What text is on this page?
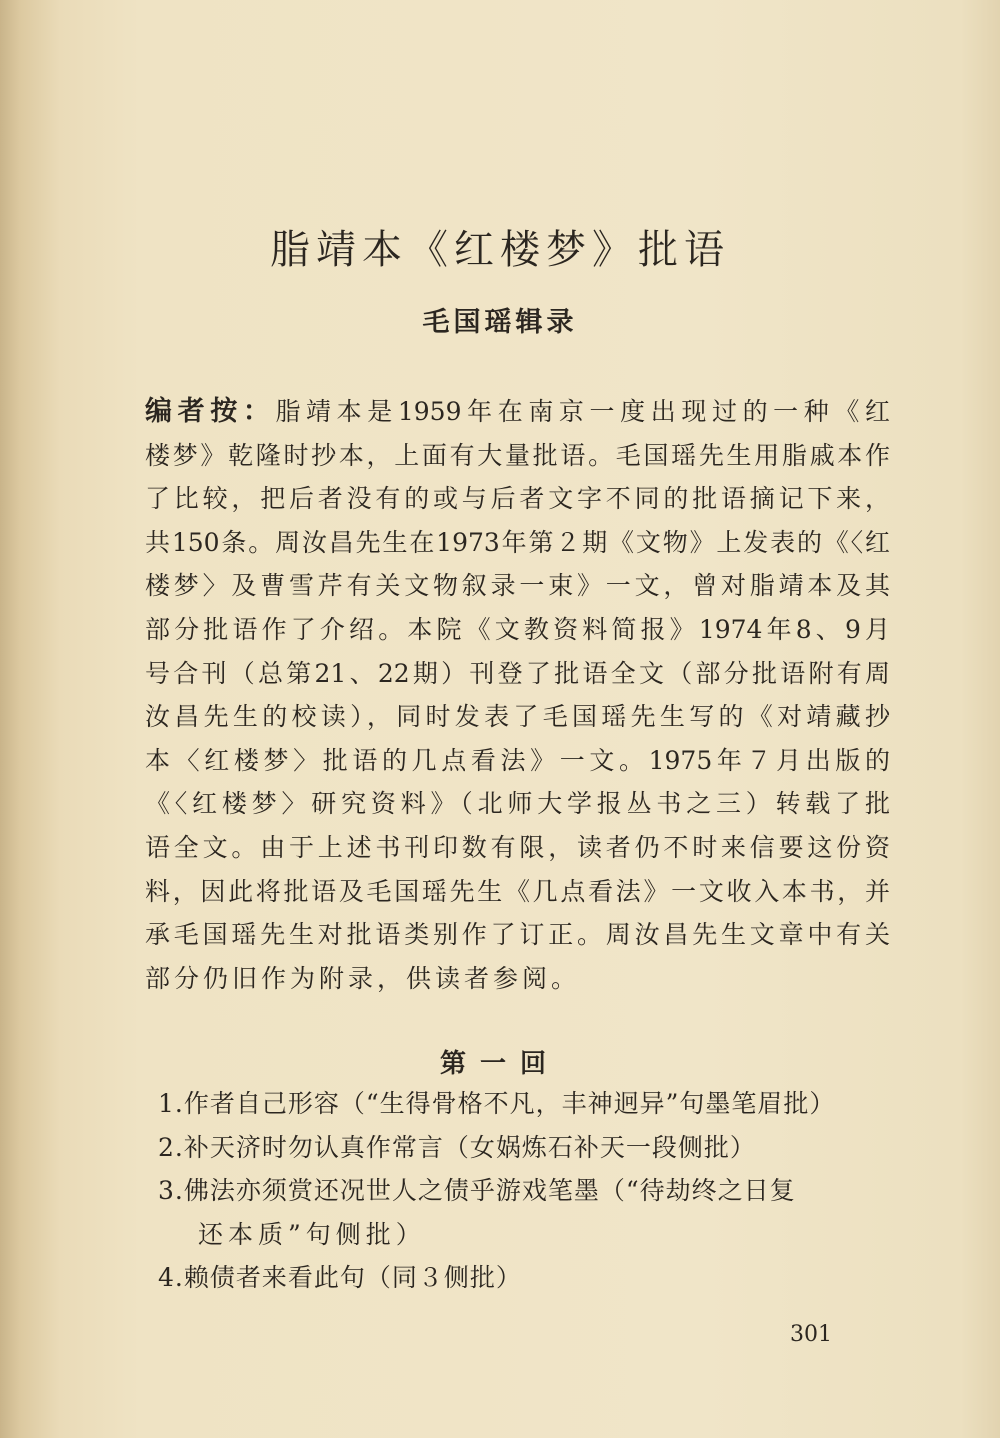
脂靖本《红楼梦》批语
毛国瑶辑录
编者按：脂靖本是1959年在南京一度出现过的一种《红
楼梦》乾隆时抄本，上面有大量批语。毛国瑶先生用脂戚本作
了比较，把后者没有的或与后者文字不同的批语摘记下来，
共150条。周汝昌先生在1973年第２期《文物》上发表的《〈红
楼梦〉及曹雪芹有关文物叙录一束》一文，曾对脂靖本及其
部分批语作了介绍。本院《文教资料简报》1974年8、9月
号合刊（总第21、22期）刊登了批语全文（部分批语附有周
汝昌先生的校读），同时发表了毛国瑶先生写的《对靖藏抄
本〈红楼梦〉批语的几点看法》一文。1975年７月出版的
《〈红楼梦〉研究资料》（北师大学报丛书之三）转载了批
语全文。由于上述书刊印数有限，读者仍不时来信要这份资
料，因此将批语及毛国瑶先生《几点看法》一文收入本书，并
承毛国瑶先生对批语类别作了订正。周汝昌先生文章中有关
部分仍旧作为附录，供读者参阅。
第一回
1.作者自己形容（“生得骨格不凡，丰神迥异”句墨笔眉批）
2.补天济时勿认真作常言（女娲炼石补天一段侧批）
3.佛法亦须赏还况世人之债乎游戏笔墨（“待劫终之日复
还本质”句侧批）
4.赖债者来看此句（同３侧批）
301
